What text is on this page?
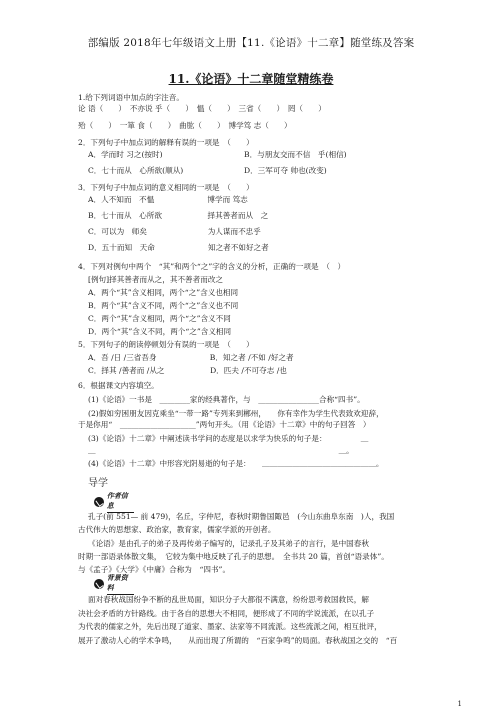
部编版 2018年七年级语文上册【11.《论语》十二章】随堂练及答案
11.《论语》十二章随堂精练卷
1.给下列词语中加点的字注音。
论 语（　　）　不亦说 乎（　　）　愠（　　）　三省（　　）　罔（　　）
殆（　　）　一箪 食（　　）　曲肱（　　）　博学笃 志（　　）
2．下列句子中加点词的解释有误的一项是　（　　）
A．学而时 习之(按时)	B．与朋友交而不信　乎(相信)
C．七十而从　心所欲(顺从)	D．三军可夺 帅也(改变)
3．下列句子中加点词的意义相同的一项是　（　　）
A．人不知而　不愠　　　　　　　博学而 笃志
B．七十而从　心所欲　　　　　　择其善者而从　之
C．可以为　师矣　　　　　　　　为人谋而不忠乎
D．五十而知　天命　　　　　　　知之者不如好之者
4．下列对例句中两个　“其”和两个“之”字的含义的分析，正确的一项是　（　）
[例句]择其善者而从之，其不善者而改之
A．两个“其”含义相同，两个“之”含义也相同
B．两个“其”含义不同，两个“之”含义也不同
C．两个“其”含义相同，两个“之”含义不同
D．两个“其”含义不同，两个“之”含义相同
5．下列句子的朗读停顿划分有误的一项是　（　　）
A．吾 /日 /三省吾身　　　　　　　B．知之者 /不如 /好之者
C．择其 /善者而 /从之　　　　　　D．匹夫 /不可夺志 /也
6．根据课文内容填空。
(1)《论语》一书是　________家的经典著作，与　________________合称“四书”。
(2)假如穷困朋友因克乘坐“一带一路”专列来到郴州，　　你有幸作为学生代表致欢迎辞，
于是你用“　____________________”两句开头。（用《论语》十二章》中的句子回答　）
(3)《论语》十二章》中阐述读书学问的态度是以求学为快乐的句子是：　　　　　＿
＿　　　　　　　　　　　　　　　　　　　　　　　　　　　　　　　　＿。
(4)《论语》十二章》中形容光阴易逝的句子是：　　＿＿＿＿＿＿＿＿＿＿＿＿＿＿＿。
导学
作者信息
孔子(前 551— 前 479)，名丘，字仲尼，春秋时期鲁国陬邑　(今山东曲阜东南　)人，我国
古代伟大的思想家、政治家，教育家，儒家学派的开创者。
《论语》是由孔子的弟子及再传弟子编写的，记录孔子及其弟子的言行，是中国春秋
时期一部语录体散文集，　它较为集中地反映了孔子的思想。　全书共 20 篇，首创“语录体”。
与《孟子》《大学》《中庸》合称为　“四书”。
背景资料
面对春秋战国纷争不断的乱世局面，知识分子大都很不满意，纷纷思考救国救民，解
决社会矛盾的方针路线。由于各自的思想大不相同，便形成了不同的学说流派，在以孔子
为代表的儒家之外，先后出现了道家、墨家、法家等不同流派。这些流派之间，相互批评，
展开了激动人心的学术争鸣，　　从而出现了所谓的　“百家争鸣”的局面。春秋战国之交的　“百
1
